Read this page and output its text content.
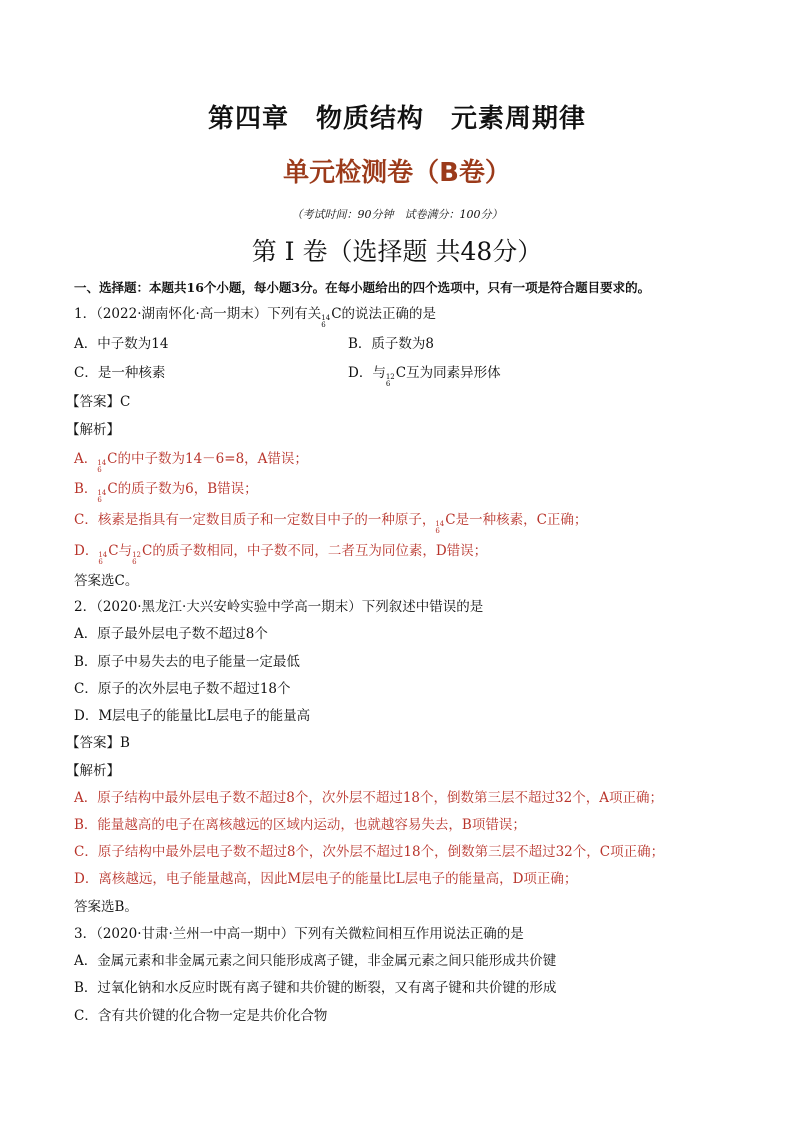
第四章　物质结构　元素周期律
单元检测卷（B卷）
（考试时间：90分钟　试卷满分：100分）
第 I 卷（选择题 共48分）
一、选择题：本题共16个小题，每小题3分。在每小题给出的四个选项中，只有一项是符合题目要求的。
1．（2022·湖南怀化·高一期末）下列有关 14
6
C的说法正确的是
A．中子数为14	B．质子数为8
C．是一种核素	D．与 12
6
C互为同素异形体
【答案】C
【解析】
A． 14
6
C的中子数为14－6=8，A错误；
B． 14
6
C的质子数为6，B错误；
C．核素是指具有一定数目质子和一定数目中子的一种原子， 14
6
C是一种核素，C正确；
D． 14
6
C与 12
6
C的质子数相同，中子数不同，二者互为同位素，D错误；
答案选C。
2．（2020·黑龙江·大兴安岭实验中学高一期末）下列叙述中错误的是
A．原子最外层电子数不超过8个
B．原子中易失去的电子能量一定最低
C．原子的次外层电子数不超过18个
D．M层电子的能量比L层电子的能量高
【答案】B
【解析】
A．原子结构中最外层电子数不超过8个，次外层不超过18个，倒数第三层不超过32个，A项正确；
B．能量越高的电子在离核越远的区域内运动，也就越容易失去，B项错误；
C．原子结构中最外层电子数不超过8个，次外层不超过18个，倒数第三层不超过32个，C项正确；
D．离核越远，电子能量越高，因此M层电子的能量比L层电子的能量高，D项正确；
答案选B。
3．（2020·甘肃·兰州一中高一期中）下列有关微粒间相互作用说法正确的是
A．金属元素和非金属元素之间只能形成离子键，非金属元素之间只能形成共价键
B．过氧化钠和水反应时既有离子键和共价键的断裂，又有离子键和共价键的形成
C．含有共价键的化合物一定是共价化合物
